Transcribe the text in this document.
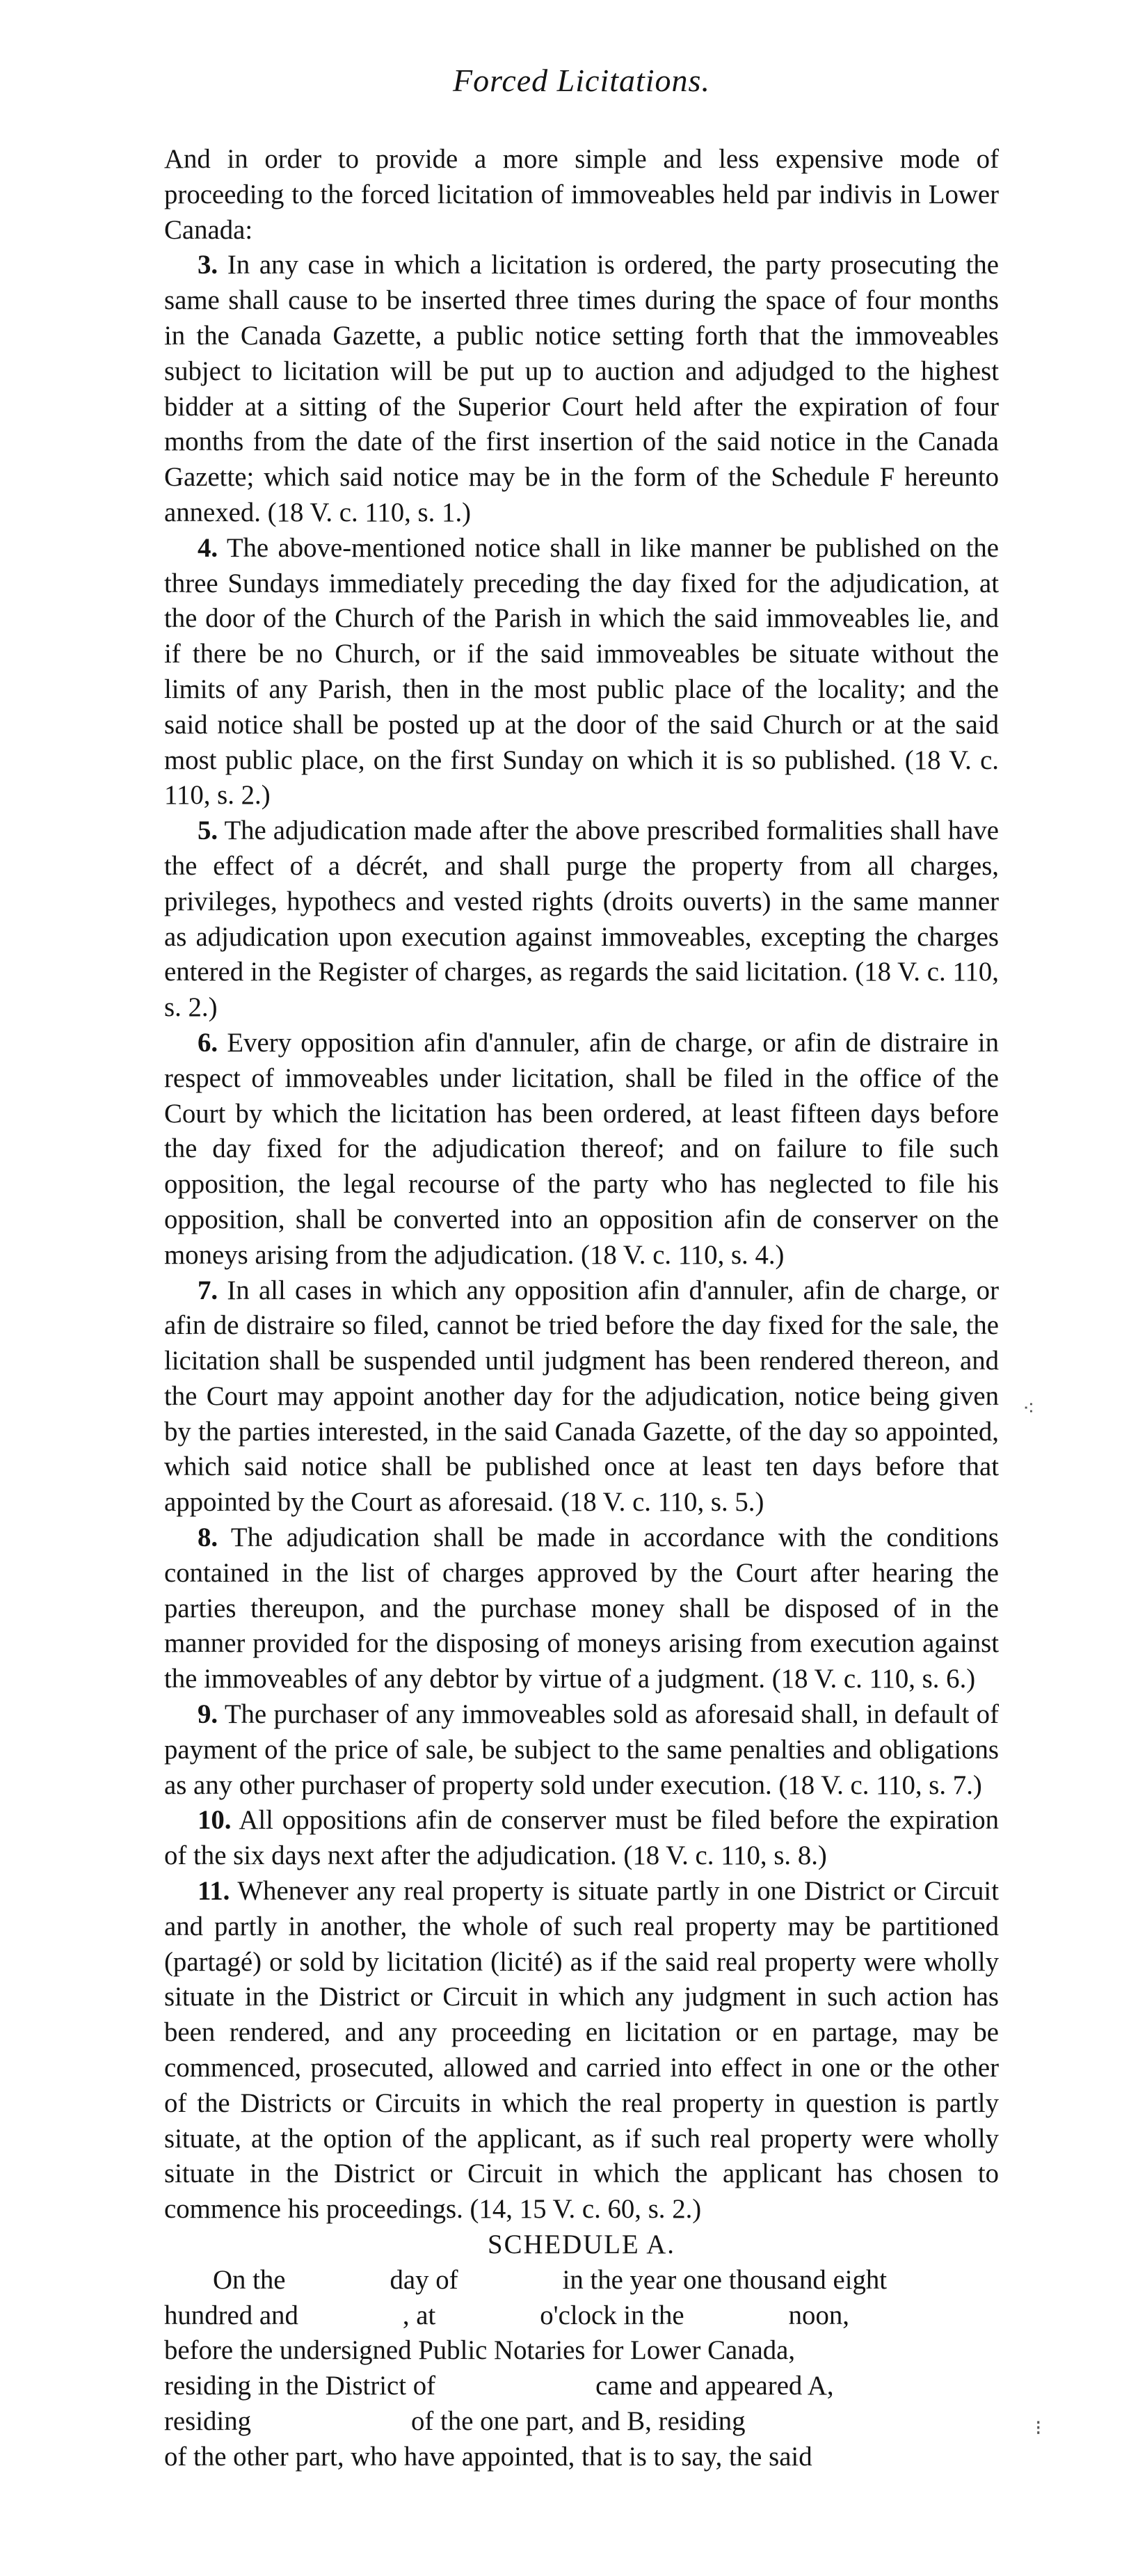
Forced Licitations.

And in order to provide a more simple and less expensive mode of proceeding to the forced licitation of immoveables held par indivis in Lower Canada:

3. In any case in which a licitation is ordered, the party prosecuting the same shall cause to be inserted three times during the space of four months in the Canada Gazette, a public notice setting forth that the immoveables subject to licitation will be put up to auction and adjudged to the highest bidder at a sitting of the Superior Court held after the expiration of four months from the date of the first insertion of the said notice in the Canada Gazette; which said notice may be in the form of the Schedule F hereunto annexed. (18 V. c. 110, s. 1.)

4. The above-mentioned notice shall in like manner be published on the three Sundays immediately preceding the day fixed for the adjudication, at the door of the Church of the Parish in which the said immoveables lie, and if there be no Church, or if the said immoveables be situate without the limits of any Parish, then in the most public place of the locality; and the said notice shall be posted up at the door of the said Church or at the said most public place, on the first Sunday on which it is so published. (18 V. c. 110, s. 2.)

5. The adjudication made after the above prescribed formalities shall have the effect of a décrét, and shall purge the property from all charges, privileges, hypothecs and vested rights (droits ouverts) in the same manner as adjudication upon execution against immoveables, excepting the charges entered in the Register of charges, as regards the said licitation. (18 V. c. 110, s. 2.)

6. Every opposition afin d'annuler, afin de charge, or afin de distraire in respect of immoveables under licitation, shall be filed in the office of the Court by which the licitation has been ordered, at least fifteen days before the day fixed for the adjudication thereof; and on failure to file such opposition, the legal recourse of the party who has neglected to file his opposition, shall be converted into an opposition afin de conserver on the moneys arising from the adjudication. (18 V. c. 110, s. 4.)

7. In all cases in which any opposition afin d'annuler, afin de charge, or afin de distraire so filed, cannot be tried before the day fixed for the sale, the licitation shall be suspended until judgment has been rendered thereon, and the Court may appoint another day for the adjudication, notice being given by the parties interested, in the said Canada Gazette, of the day so appointed, which said notice shall be published once at least ten days before that appointed by the Court as aforesaid. (18 V. c. 110, s. 5.)

8. The adjudication shall be made in accordance with the conditions contained in the list of charges approved by the Court after hearing the parties thereupon, and the purchase money shall be disposed of in the manner provided for the disposing of moneys arising from execution against the immoveables of any debtor by virtue of a judgment. (18 V. c. 110, s. 6.)

9. The purchaser of any immoveables sold as aforesaid shall, in default of payment of the price of sale, be subject to the same penalties and obligations as any other purchaser of property sold under execution. (18 V. c. 110, s. 7.)

10. All oppositions afin de conserver must be filed before the expiration of the six days next after the adjudication. (18 V. c. 110, s. 8.)

11. Whenever any real property is situate partly in one District or Circuit and partly in another, the whole of such real property may be partitioned (partagé) or sold by licitation (licité) as if the said real property were wholly situate in the District or Circuit in which any judgment in such action has been rendered, and any proceeding en licitation or en partage, may be commenced, prosecuted, allowed and carried into effect in one or the other of the Districts or Circuits in which the real property in question is partly situate, at the option of the applicant, as if such real property were wholly situate in the District or Circuit in which the applicant has chosen to commence his proceedings. (14, 15 V. c. 60, s. 2.)

SCHEDULE A.

On the	day of	in the year one thousand eight
hundred and	, at	o'clock in the	noon,
before the undersigned Public Notaries for Lower Canada,
residing in the District of	came and appeared A,
residing	of the one part, and B, residing
of the other part, who have appointed, that is to say, the said
⁖
⁝
